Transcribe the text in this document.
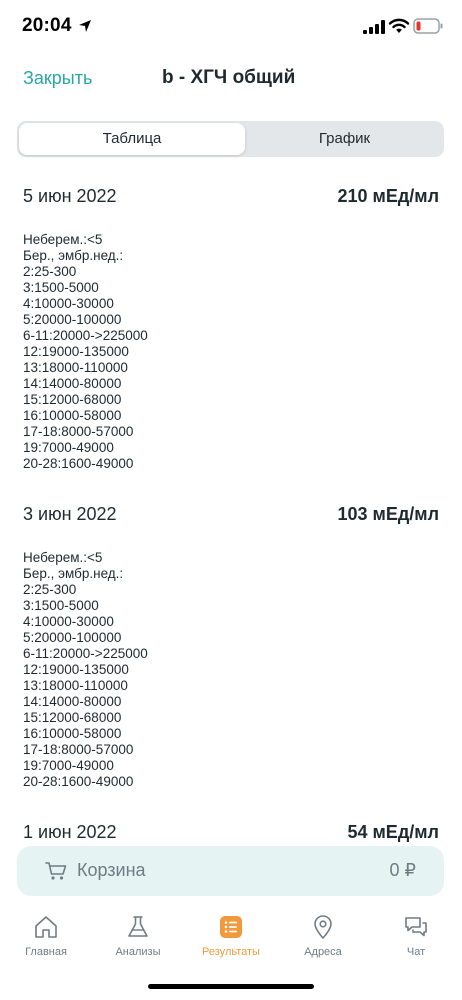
20:04
Закрыть	b - ХГЧ общий
Таблица	График
5 июн 2022	210 мЕд/мл
Неберем.:<5
Бер., эмбр.нед.:
2:25-300
3:1500-5000
4:10000-30000
5:20000-100000
6-11:20000->225000
12:19000-135000
13:18000-110000
14:14000-80000
15:12000-68000
16:10000-58000
17-18:8000-57000
19:7000-49000
20-28:1600-49000
3 июн 2022	103 мЕд/мл
Неберем.:<5
Бер., эмбр.нед.:
2:25-300
3:1500-5000
4:10000-30000
5:20000-100000
6-11:20000->225000
12:19000-135000
13:18000-110000
14:14000-80000
15:12000-68000
16:10000-58000
17-18:8000-57000
19:7000-49000
20-28:1600-49000
1 июн 2022	54 мЕд/мл
Корзина	0 ₽
Главная	Анализы	Результаты	Адреса	Чат
